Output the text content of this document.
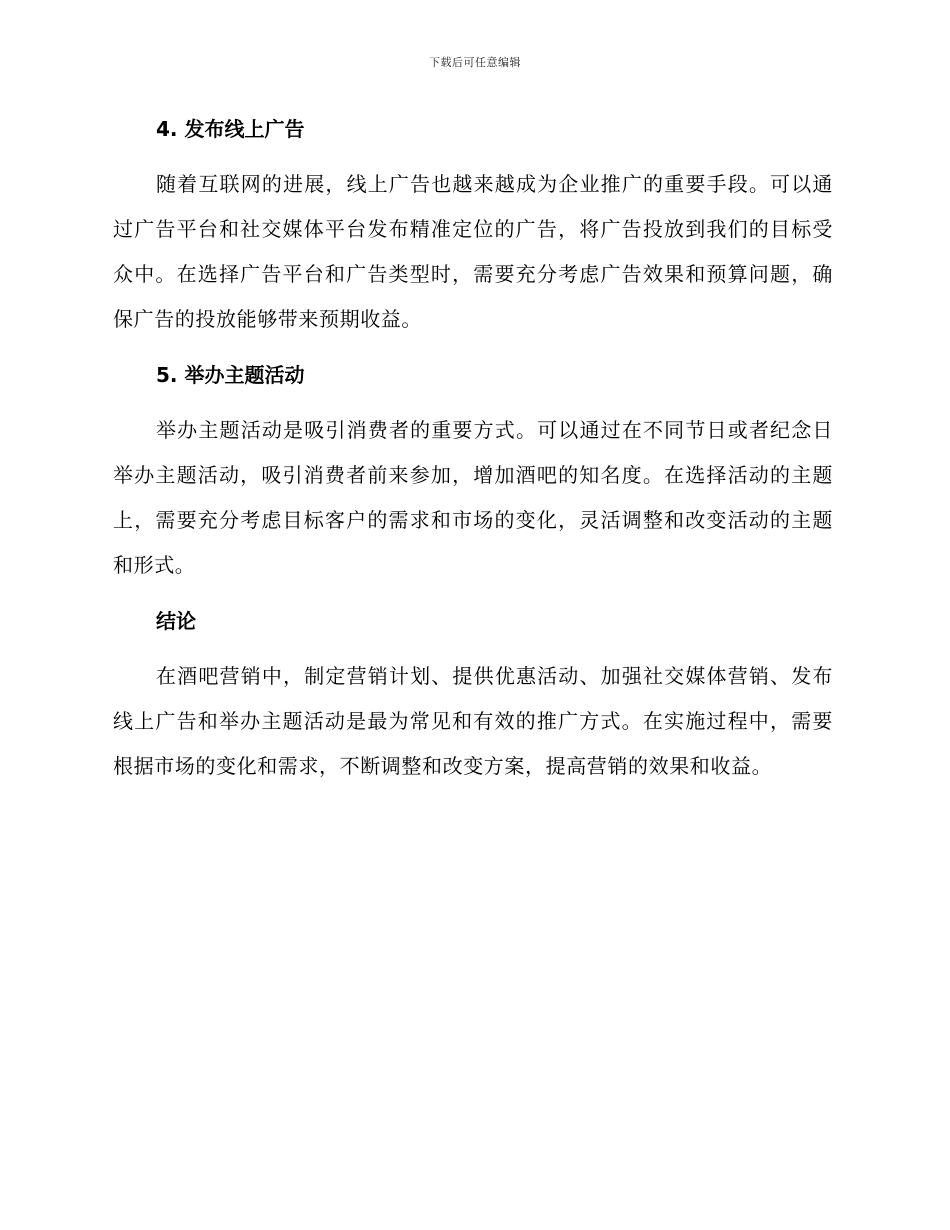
下载后可任意编辑
4. 发布线上广告

随着互联网的进展，线上广告也越来越成为企业推广的重要手段。可以通过广告平台和社交媒体平台发布精准定位的广告，将广告投放到我们的目标受众中。在选择广告平台和广告类型时，需要充分考虑广告效果和预算问题，确保广告的投放能够带来预期收益。

5. 举办主题活动

举办主题活动是吸引消费者的重要方式。可以通过在不同节日或者纪念日举办主题活动，吸引消费者前来参加，增加酒吧的知名度。在选择活动的主题上，需要充分考虑目标客户的需求和市场的变化，灵活调整和改变活动的主题和形式。

结论

在酒吧营销中，制定营销计划、提供优惠活动、加强社交媒体营销、发布线上广告和举办主题活动是最为常见和有效的推广方式。在实施过程中，需要根据市场的变化和需求，不断调整和改变方案，提高营销的效果和收益。
